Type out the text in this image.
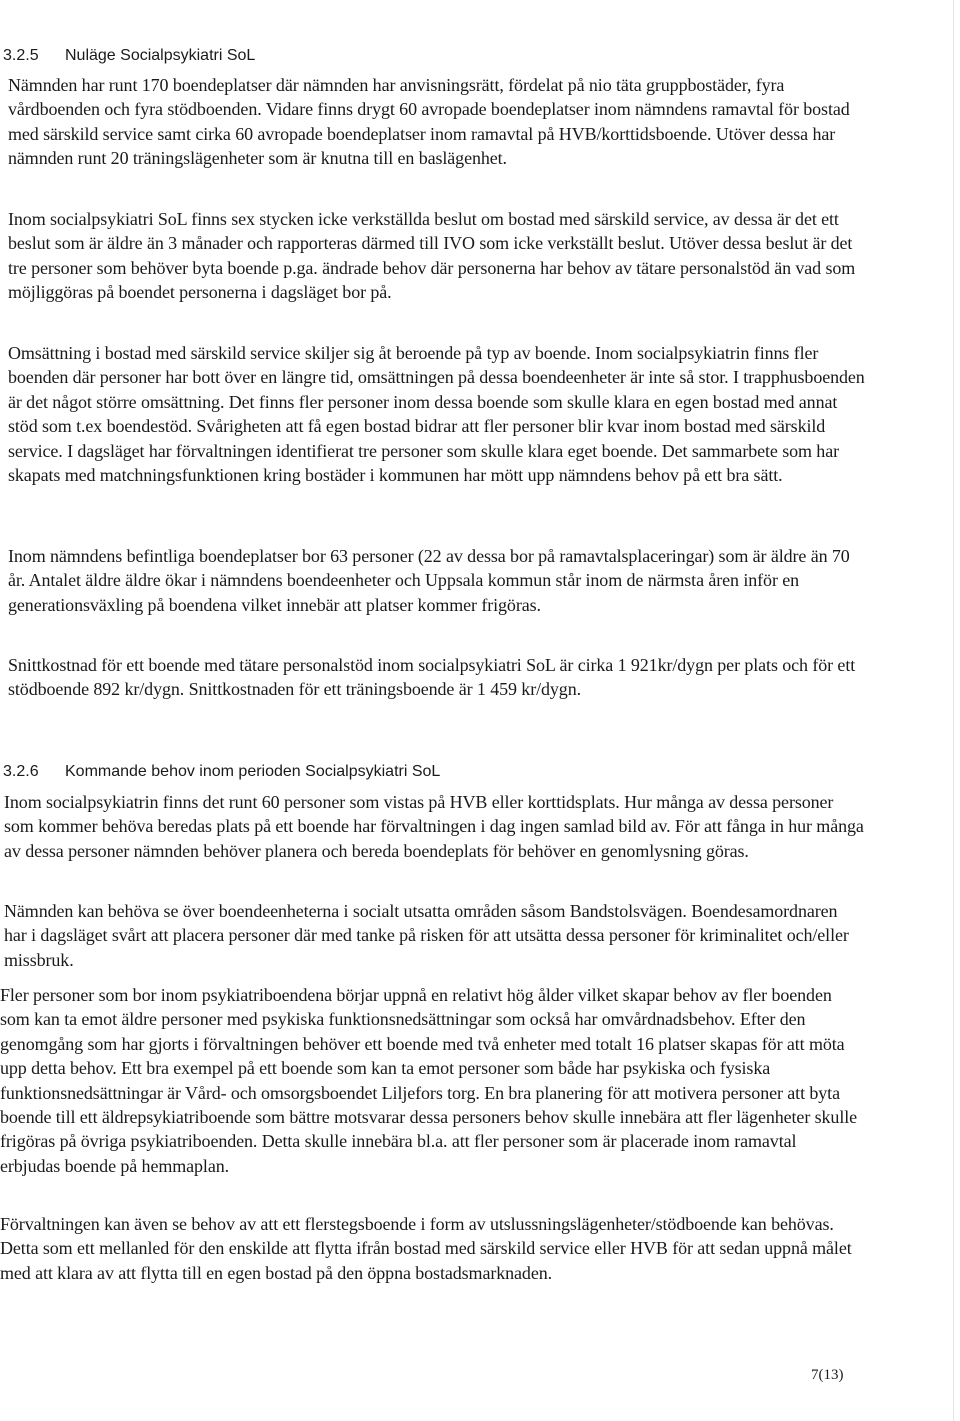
3.2.5 Nuläge Socialpsykiatri SoL

Nämnden har runt 170 boendeplatser där nämnden har anvisningsrätt, fördelat på nio täta gruppbostäder, fyra vårdboenden och fyra stödboenden. Vidare finns drygt 60 avropade boendeplatser inom nämndens ramavtal för bostad med särskild service samt cirka 60 avropade boendeplatser inom ramavtal på HVB/korttidsboende. Utöver dessa har nämnden runt 20 träningslägenheter som är knutna till en baslägenhet.

Inom socialpsykiatri SoL finns sex stycken icke verkställda beslut om bostad med särskild service, av dessa är det ett beslut som är äldre än 3 månader och rapporteras därmed till IVO som icke verkställt beslut. Utöver dessa beslut är det tre personer som behöver byta boende p.ga. ändrade behov där personerna har behov av tätare personalstöd än vad som möjliggöras på boendet personerna i dagsläget bor på.

Omsättning i bostad med särskild service skiljer sig åt beroende på typ av boende. Inom socialpsykiatrin finns fler boenden där personer har bott över en längre tid, omsättningen på dessa boendeenheter är inte så stor. I trapphusboenden är det något större omsättning. Det finns fler personer inom dessa boende som skulle klara en egen bostad med annat stöd som t.ex boendestöd. Svårigheten att få egen bostad bidrar att fler personer blir kvar inom bostad med särskild service. I dagsläget har förvaltningen identifierat tre personer som skulle klara eget boende. Det sammarbete som har skapats med matchningsfunktionen kring bostäder i kommunen har mött upp nämndens behov på ett bra sätt.

Inom nämndens befintliga boendeplatser bor 63 personer (22 av dessa bor på ramavtalsplaceringar) som är äldre än 70 år. Antalet äldre äldre ökar i nämndens boendeenheter och Uppsala kommun står inom de närmsta åren inför en generationsväxling på boendena vilket innebär att platser kommer frigöras.

Snittkostnad för ett boende med tätare personalstöd inom socialpsykiatri SoL är cirka 1 921kr/dygn per plats och för ett stödboende 892 kr/dygn. Snittkostnaden för ett träningsboende är 1 459 kr/dygn.

3.2.6 Kommande behov inom perioden Socialpsykiatri SoL

Inom socialpsykiatrin finns det runt 60 personer som vistas på HVB eller korttidsplats. Hur många av dessa personer som kommer behöva beredas plats på ett boende har förvaltningen i dag ingen samlad bild av. För att fånga in hur många av dessa personer nämnden behöver planera och bereda boendeplats för behöver en genomlysning göras.

Nämnden kan behöva se över boendeenheterna i socialt utsatta områden såsom Bandstolsvägen. Boendesamordnaren har i dagsläget svårt att placera personer där med tanke på risken för att utsätta dessa personer för kriminalitet och/eller missbruk.

Fler personer som bor inom psykiatriboendena börjar uppnå en relativt hög ålder vilket skapar behov av fler boenden som kan ta emot äldre personer med psykiska funktionsnedsättningar som också har omvårdnadsbehov. Efter den genomgång som har gjorts i förvaltningen behöver ett boende med två enheter med totalt 16 platser skapas för att möta upp detta behov. Ett bra exempel på ett boende som kan ta emot personer som både har psykiska och fysiska funktionsnedsättningar är Vård- och omsorgsboendet Liljefors torg. En bra planering för att motivera personer att byta boende till ett äldrepsykiatriboende som bättre motsvarar dessa personers behov skulle innebära att fler lägenheter skulle frigöras på övriga psykiatriboenden. Detta skulle innebära bl.a. att fler personer som är placerade inom ramavtal erbjudas boende på hemmaplan.

Förvaltningen kan även se behov av att ett flerstegsboende i form av utslussningslägenheter/stödboende kan behövas. Detta som ett mellanled för den enskilde att flytta ifrån bostad med särskild service eller HVB för att sedan uppnå målet med att klara av att flytta till en egen bostad på den öppna bostadsmarknaden.

7(13)
